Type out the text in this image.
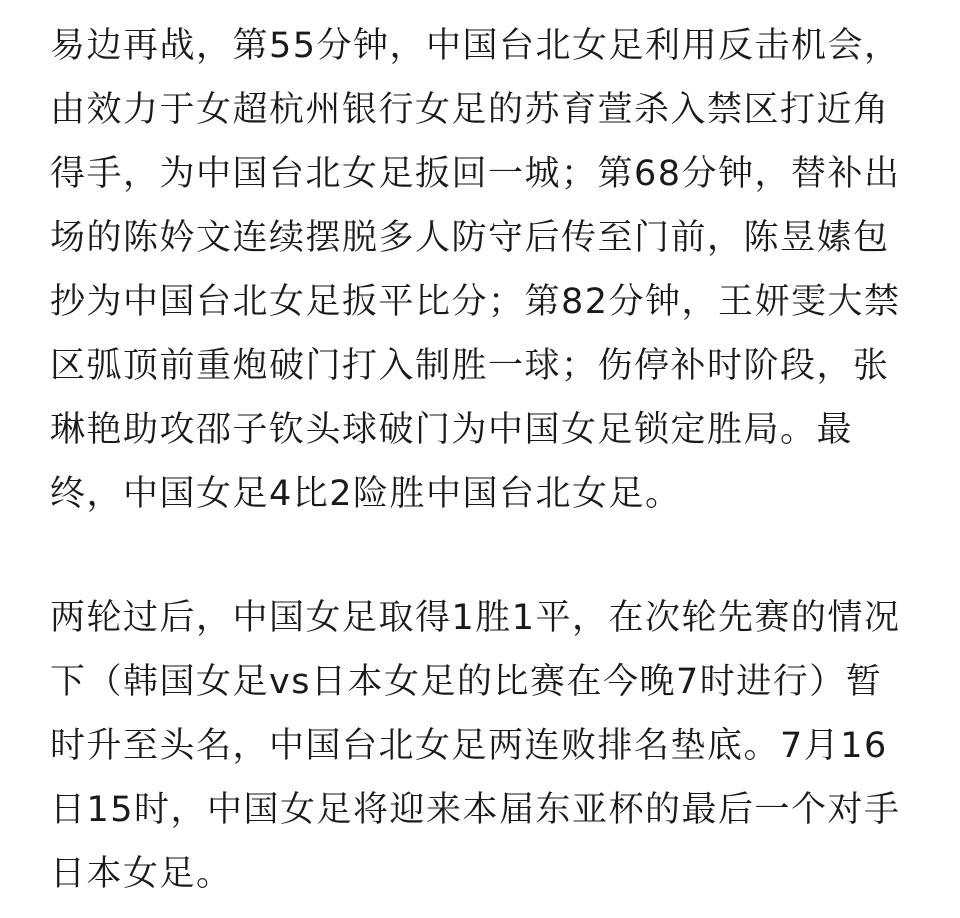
易边再战，第55分钟，中国台北女足利用反击机会，
由效力于女超杭州银行女足的苏育萱杀入禁区打近角
得手，为中国台北女足扳回一城；第68分钟，替补出
场的陈妗文连续摆脱多人防守后传至门前，陈昱嫊包
抄为中国台北女足扳平比分；第82分钟，王妍雯大禁
区弧顶前重炮破门打入制胜一球；伤停补时阶段，张
琳艳助攻邵子钦头球破门为中国女足锁定胜局。最
终，中国女足4比2险胜中国台北女足。

两轮过后，中国女足取得1胜1平，在次轮先赛的情况
下（韩国女足vs日本女足的比赛在今晚7时进行）暂
时升至头名，中国台北女足两连败排名垫底。7月16
日15时，中国女足将迎来本届东亚杯的最后一个对手
日本女足。
